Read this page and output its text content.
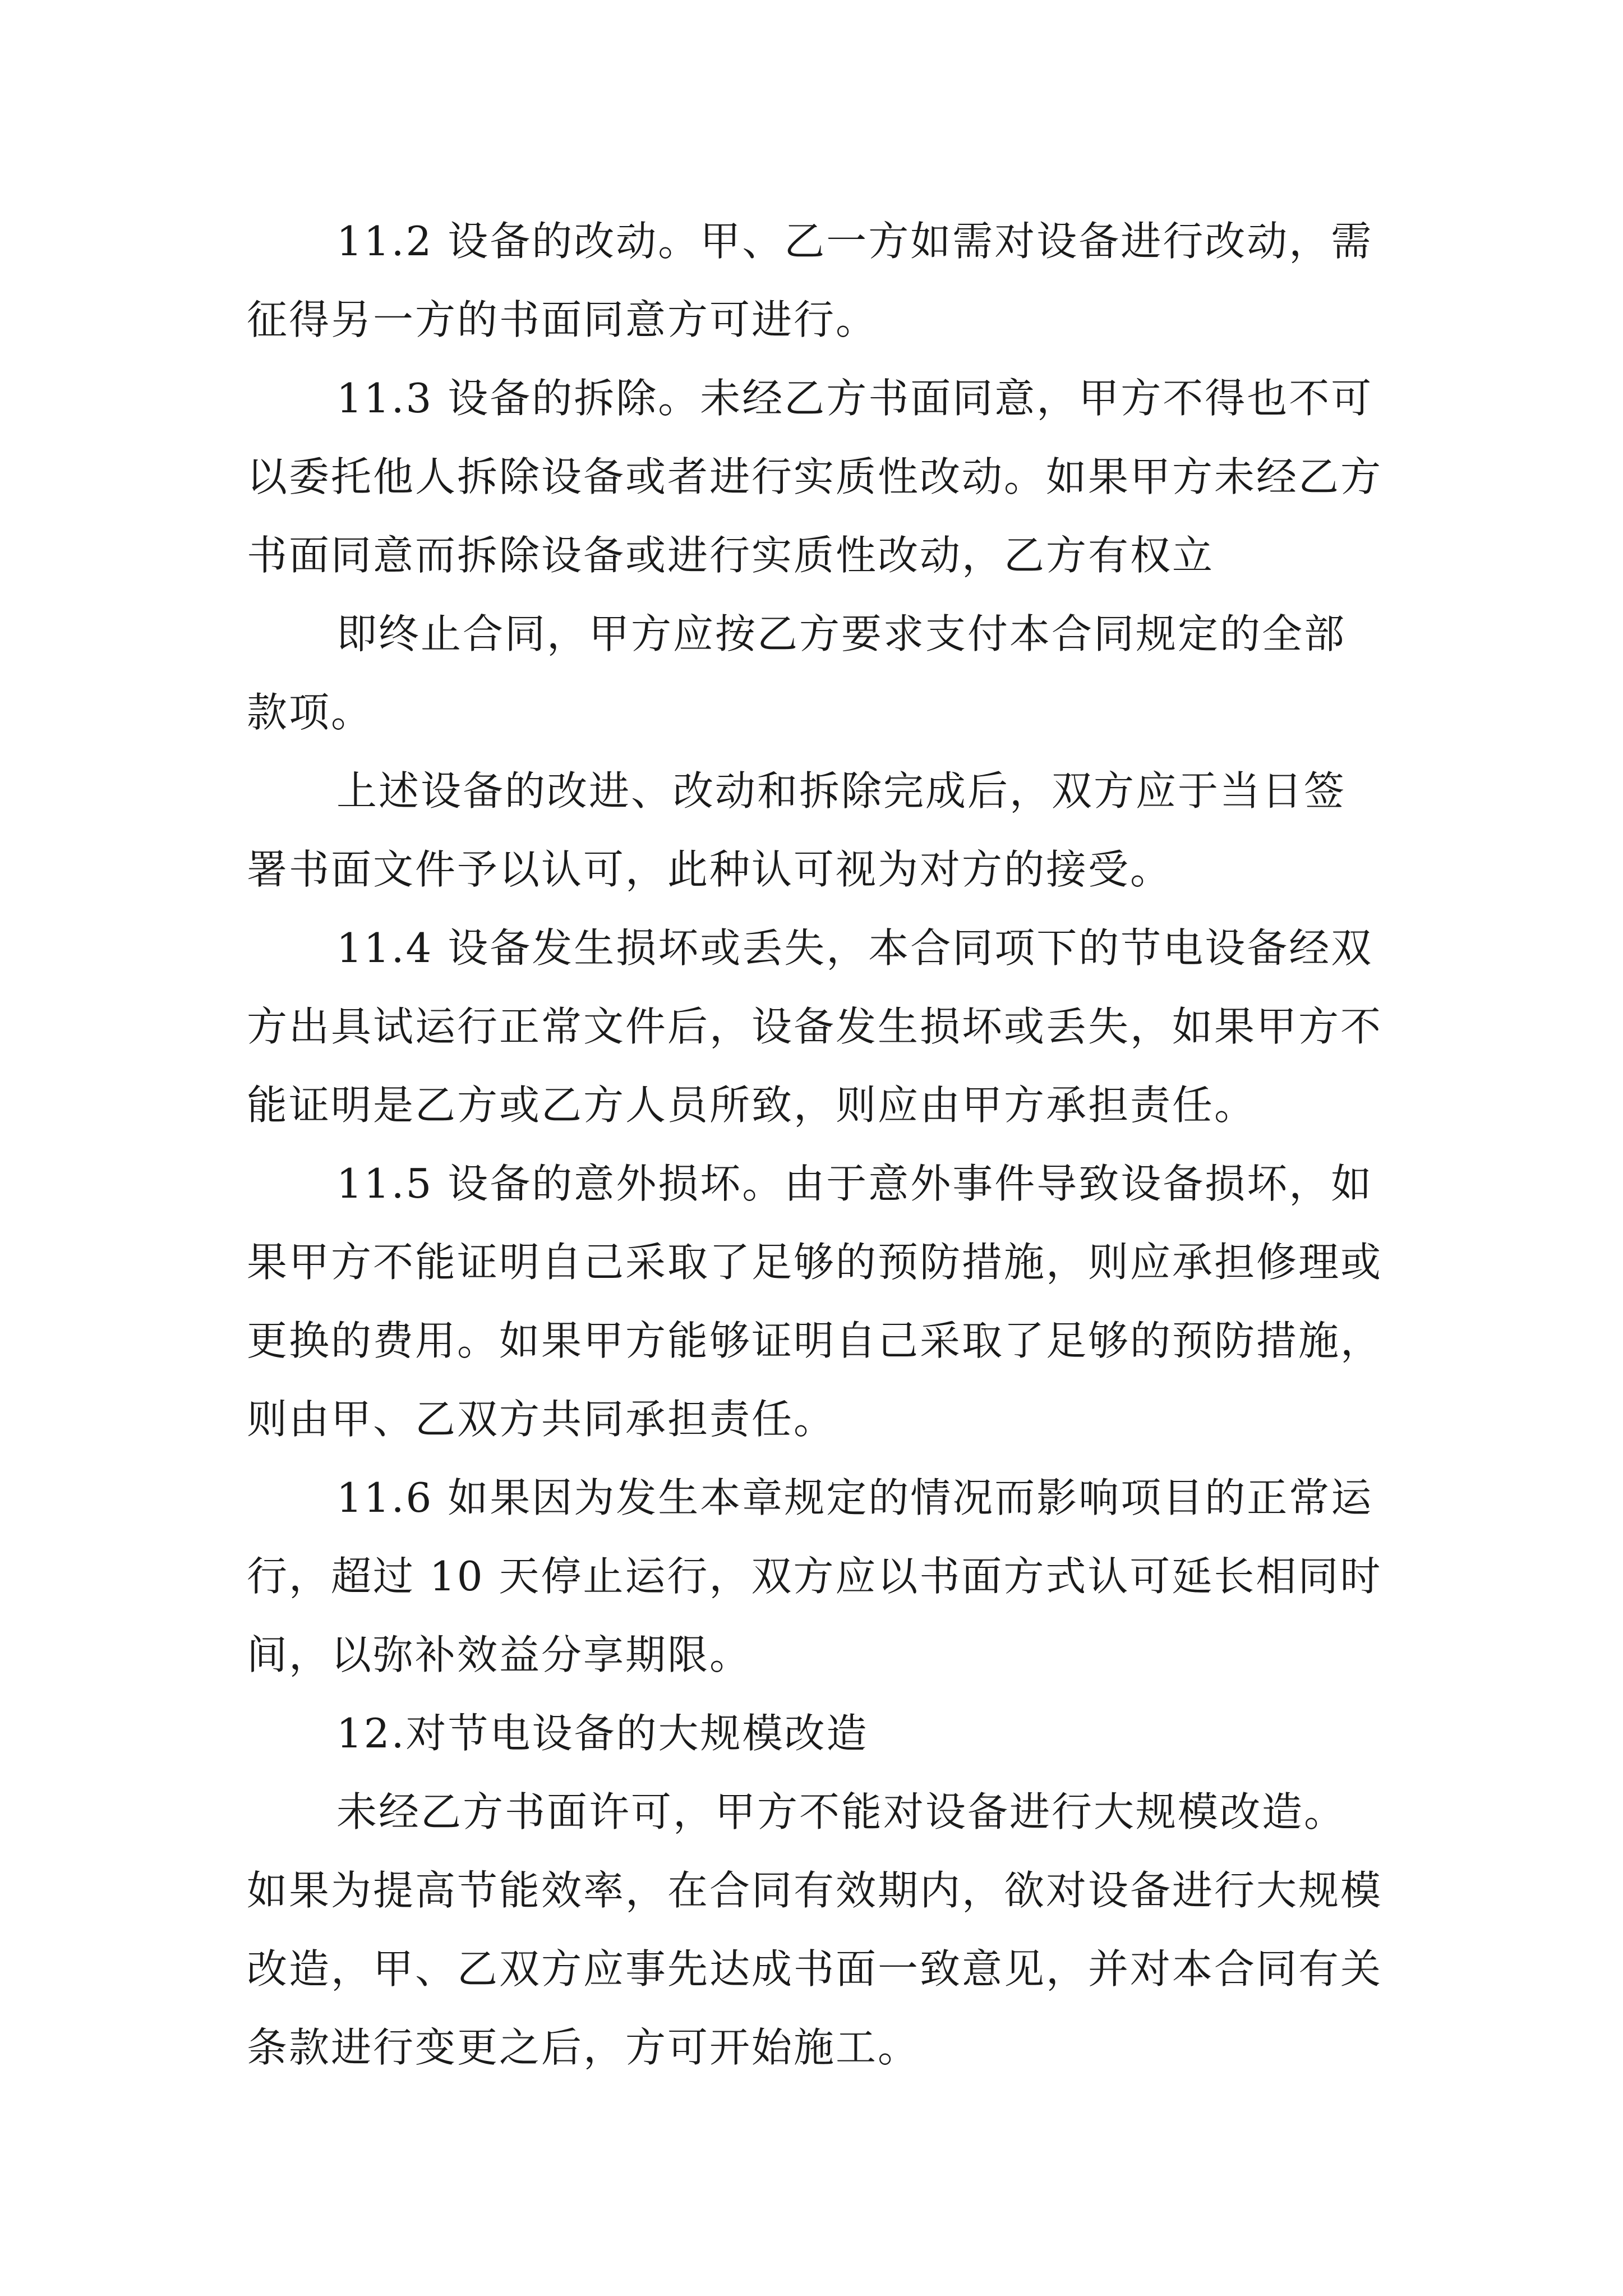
11.2 设备的改动。甲、乙一方如需对设备进行改动，需征得另一方的书面同意方可进行。

11.3 设备的拆除。未经乙方书面同意，甲方不得也不可以委托他人拆除设备或者进行实质性改动。如果甲方未经乙方书面同意而拆除设备或进行实质性改动，乙方有权立

即终止合同，甲方应按乙方要求支付本合同规定的全部款项。

上述设备的改进、改动和拆除完成后，双方应于当日签署书面文件予以认可，此种认可视为对方的接受。

11.4 设备发生损坏或丢失，本合同项下的节电设备经双方出具试运行正常文件后，设备发生损坏或丢失，如果甲方不能证明是乙方或乙方人员所致，则应由甲方承担责任。

11.5 设备的意外损坏。由于意外事件导致设备损坏，如果甲方不能证明自己采取了足够的预防措施，则应承担修理或更换的费用。如果甲方能够证明自己采取了足够的预防措施，则由甲、乙双方共同承担责任。

11.6 如果因为发生本章规定的情况而影响项目的正常运行，超过 10 天停止运行，双方应以书面方式认可延长相同时间，以弥补效益分享期限。

12.对节电设备的大规模改造

未经乙方书面许可，甲方不能对设备进行大规模改造。如果为提高节能效率，在合同有效期内，欲对设备进行大规模改造，甲、乙双方应事先达成书面一致意见，并对本合同有关条款进行变更之后，方可开始施工。
